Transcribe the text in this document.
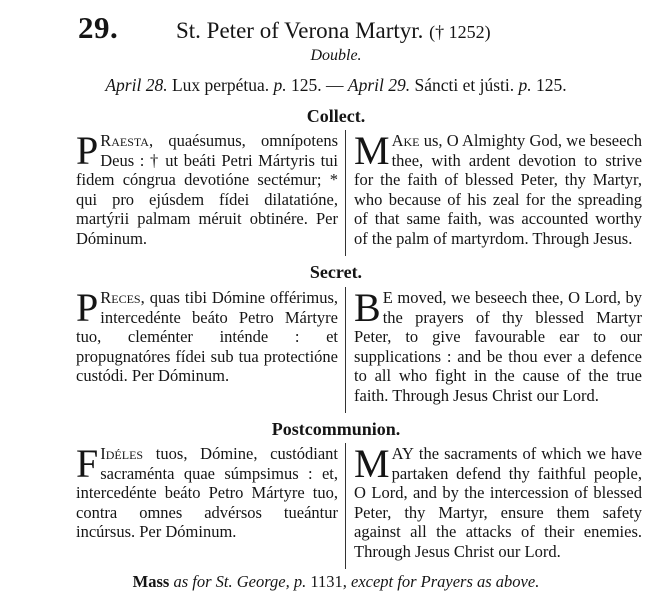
29.	St. Peter of Verona Martyr. († 1252)
Double.
April 28. Lux perpétua. p. 125. — April 29. Sáncti et jústi. p. 125.
Collect.
P Raesta, quaésumus, omnípotens Deus : † ut beáti Petri Mártyris tui fidem cóngrua devotióne sectémur; * qui pro ejúsdem fídei dilatatióne, martýrii palmam méruit obtinére. Per Dóminum.
M Ake us, O Almighty God, we beseech thee, with ardent devotion to strive for the faith of blessed Peter, thy Martyr, who because of his zeal for the spreading of that same faith, was accounted worthy of the palm of martyrdom. Through Jesus.
Secret.
P Reces, quas tibi Dómine offérimus, intercedénte beáto Petro Mártyre tuo, cleménter inténde : et propugnatóres fídei sub tua protectióne custódi. Per Dóminum.
B E moved, we beseech thee, O Lord, by the prayers of thy blessed Martyr Peter, to give favourable ear to our supplications : and be thou ever a defence to all who fight in the cause of the true faith. Through Jesus Christ our Lord.
Postcommunion.
F Idéles tuos, Dómine, custódiant sacraménta quae súmpsimus : et, intercedénte beáto Petro Mártyre tuo, contra omnes advérsos tueántur incúrsus. Per Dóminum.
MAY the sacraments of which we have partaken defend thy faithful people, O Lord, and by the intercession of blessed Peter, thy Martyr, ensure them safety against all the attacks of their enemies. Through Jesus Christ our Lord.
Mass as for St. George, p. 1131, except for Prayers as above.
